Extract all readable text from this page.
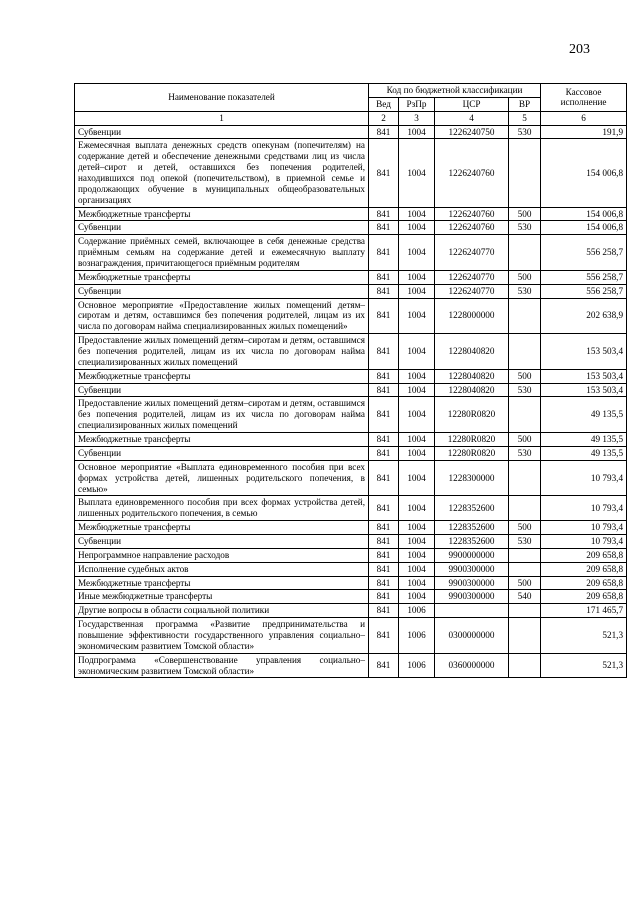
203
Наименование показателей	Код по бюджетной классификации				Кассовое исполнение
	Вед	РзПр	ЦСР	ВР	
1	2	3	4	5	6
Субвенции	841	1004	1226240750	530	191,9
Ежемесячная выплата денежных средств опекунам (попечителям) на содержание детей и обеспечение денежными средствами лиц из числа детей–сирот и детей, оставшихся без попечения родителей, находившихся под опекой (попечительством), в приемной семье и продолжающих обучение в муниципальных общеобразовательных организациях	841	1004	1226240760		154 006,8
Межбюджетные трансферты	841	1004	1226240760	500	154 006,8
Субвенции	841	1004	1226240760	530	154 006,8
Содержание приёмных семей, включающее в себя денежные средства приёмным семьям на содержание детей и ежемесячную выплату вознаграждения, причитающегося приёмным родителям	841	1004	1226240770		556 258,7
Межбюджетные трансферты	841	1004	1226240770	500	556 258,7
Субвенции	841	1004	1226240770	530	556 258,7
Основное мероприятие «Предоставление жилых помещений детям–сиротам и детям, оставшимся без попечения родителей, лицам из их числа по договорам найма специализированных жилых помещений»	841	1004	1228000000		202 638,9
Предоставление жилых помещений детям–сиротам и детям, оставшимся без попечения родителей, лицам из их числа по договорам найма специализированных жилых помещений	841	1004	1228040820		153 503,4
Межбюджетные трансферты	841	1004	1228040820	500	153 503,4
Субвенции	841	1004	1228040820	530	153 503,4
Предоставление жилых помещений детям–сиротам и детям, оставшимся без попечения родителей, лицам из их числа по договорам найма специализированных жилых помещений	841	1004	12280R0820		49 135,5
Межбюджетные трансферты	841	1004	12280R0820	500	49 135,5
Субвенции	841	1004	12280R0820	530	49 135,5
Основное мероприятие «Выплата единовременного пособия при всех формах устройства детей, лишенных родительского попечения, в семью»	841	1004	1228300000		10 793,4
Выплата единовременного пособия при всех формах устройства детей, лишенных родительского попечения, в семью	841	1004	1228352600		10 793,4
Межбюджетные трансферты	841	1004	1228352600	500	10 793,4
Субвенции	841	1004	1228352600	530	10 793,4
Непрограммное направление расходов	841	1004	9900000000		209 658,8
Исполнение судебных актов	841	1004	9900300000		209 658,8
Межбюджетные трансферты	841	1004	9900300000	500	209 658,8
Иные межбюджетные трансферты	841	1004	9900300000	540	209 658,8
Другие вопросы в области социальной политики	841	1006			171 465,7
Государственная программа «Развитие предпринимательства и повышение эффективности государственного управления социально–экономическим развитием Томской области»	841	1006	0300000000		521,3
Подпрограмма «Совершенствование управления социально–экономическим развитием Томской области»	841	1006	0360000000		521,3
